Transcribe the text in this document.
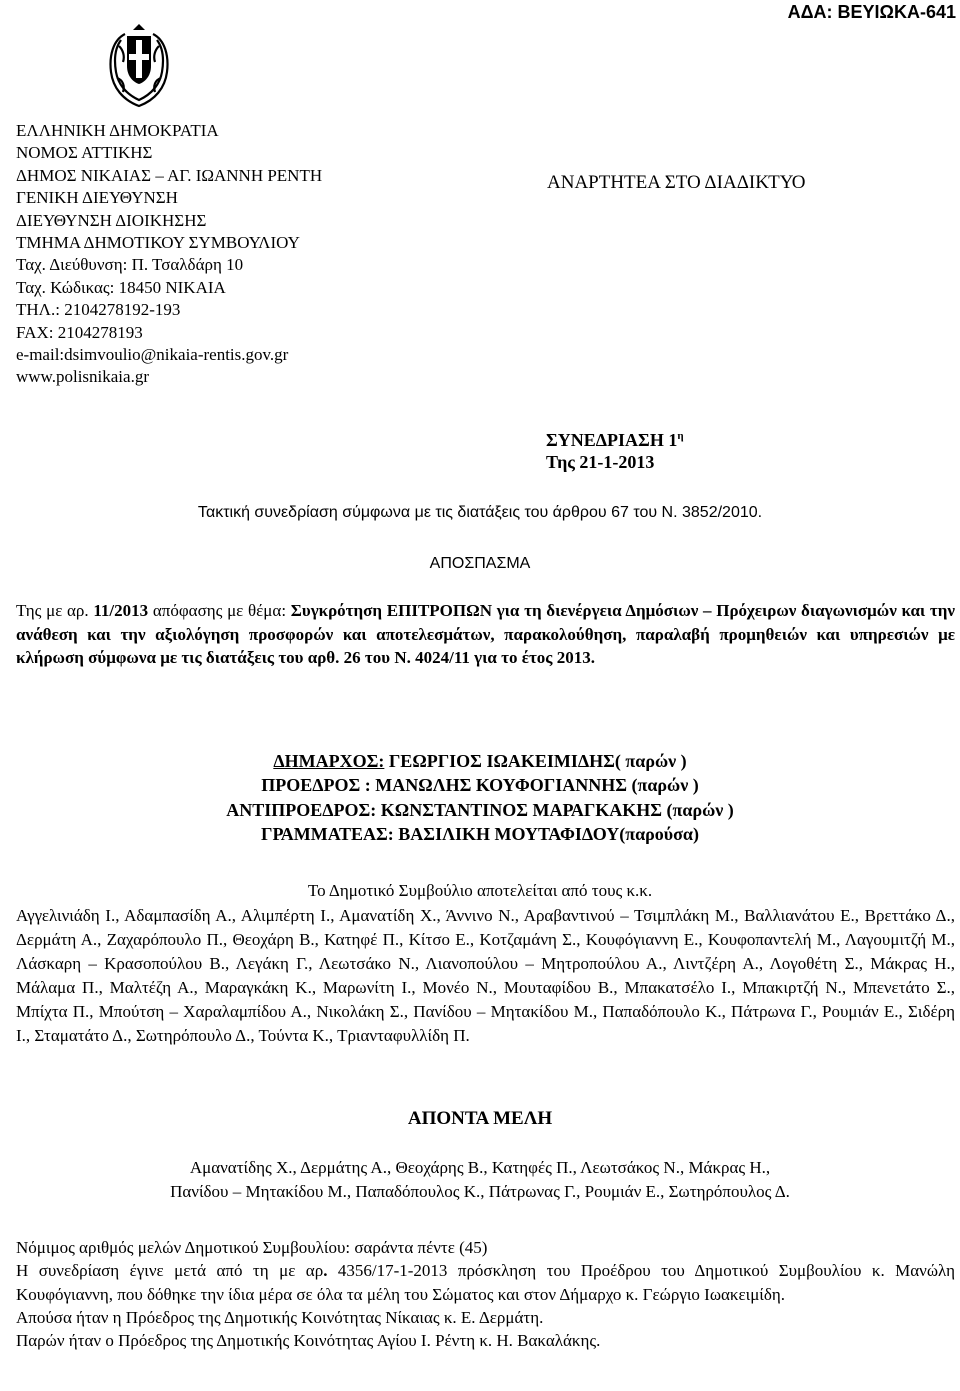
ΑΔΑ: ΒΕΥΙΩΚΑ-641
ΕΛΛΗΝΙΚΗ ΔΗΜΟΚΡΑΤΙΑ
ΝΟΜΟΣ ΑΤΤΙΚΗΣ
ΔΗΜΟΣ ΝΙΚΑΙΑΣ – ΑΓ. ΙΩΑΝΝΗ ΡΕΝΤΗ
ΓΕΝΙΚΗ ΔΙΕΥΘΥΝΣΗ
ΔΙΕΥΘΥΝΣΗ ΔΙΟΙΚΗΣΗΣ
ΤΜΗΜΑ ΔΗΜΟΤΙΚΟΥ ΣΥΜΒΟΥΛΙΟΥ
Ταχ. Διεύθυνση: Π. Τσαλδάρη 10
Ταχ. Κώδικας: 18450 ΝΙΚΑΙΑ
ΤΗΛ.: 2104278192-193
FAX: 2104278193
e-mail:dsimvoulio@nikaia-rentis.gov.gr
www.polisnikaia.gr
ΑΝΑΡΤΗΤΕΑ ΣΤΟ ΔΙΑΔΙΚΤΥΟ
ΣΥΝΕΔΡΙΑΣΗ $1^\eta$
Της 21-1-2013
Τακτική συνεδρίαση σύμφωνα με τις διατάξεις του άρθρου 67 του Ν. 3852/2010.
ΑΠΟΣΠΑΣΜΑ
Της με αρ. 11/2013 απόφασης με θέμα: Συγκρότηση ΕΠΙΤΡΟΠΩΝ για τη διενέργεια Δημόσιων – Πρόχειρων διαγωνισμών και την ανάθεση και την αξιολόγηση προσφορών και αποτελεσμάτων, παρακολούθηση, παραλαβή προμηθειών και υπηρεσιών με κλήρωση σύμφωνα με τις διατάξεις του αρθ. 26 του Ν. 4024/11 για το έτος 2013.
ΔΗΜΑΡΧΟΣ: ΓΕΩΡΓΙΟΣ ΙΩΑΚΕΙΜΙΔΗΣ( παρών )
ΠΡΟΕΔΡΟΣ : ΜΑΝΩΛΗΣ ΚΟΥΦΟΓΙΑΝΝΗΣ (παρών )
ΑΝΤΙΠΡΟΕΔΡΟΣ: ΚΩΝΣΤΑΝΤΙΝΟΣ ΜΑΡΑΓΚΑΚΗΣ (παρών )
ΓΡΑΜΜΑΤΕΑΣ: ΒΑΣΙΛΙΚΗ ΜΟΥΤΑΦΙΔΟΥ(παρούσα)
Το Δημοτικό Συμβούλιο αποτελείται από τους κ.κ.
Αγγελινιάδη Ι., Αδαμπασίδη Α., Αλιμπέρτη Ι., Αμανατίδη Χ., Άννινο Ν., Αραβαντινού – Τσιμπλάκη Μ., Βαλλιανάτου Ε., Βρεττάκο Δ., Δερμάτη Α., Ζαχαρόπουλο Π., Θεοχάρη Β., Κατηφέ Π., Κίτσο Ε., Κοτζαμάνη Σ., Κουφόγιαννη Ε., Κουφοπαντελή Μ., Λαγουμιτζή Μ., Λάσκαρη – Κρασοπούλου Β., Λεγάκη Γ., Λεωτσάκο Ν., Λιανοπούλου – Μητροπούλου Α., Λιντζέρη Α., Λογοθέτη Σ., Μάκρας Η., Μάλαμα Π., Μαλτέζη Α., Μαραγκάκη Κ., Μαρωνίτη Ι., Μονέο Ν., Μουταφίδου Β., Μπακατσέλο Ι., Μπακιρτζή Ν., Μπενετάτο Σ., Μπίχτα Π., Μπούτση – Χαραλαμπίδου Α., Νικολάκη Σ., Πανίδου – Μητακίδου Μ., Παπαδόπουλο Κ., Πάτρωνα Γ., Ρουμιάν Ε., Σιδέρη Ι., Σταματάτο Δ., Σωτηρόπουλο Δ., Τούντα Κ., Τριανταφυλλίδη Π.
ΑΠΟΝΤΑ ΜΕΛΗ
Αμανατίδης Χ., Δερμάτης Α., Θεοχάρης Β., Κατηφές Π., Λεωτσάκος Ν., Μάκρας Η.,
Πανίδου – Μητακίδου Μ., Παπαδόπουλος Κ., Πάτρωνας Γ., Ρουμιάν Ε., Σωτηρόπουλος Δ.
Νόμιμος αριθμός μελών Δημοτικού Συμβουλίου: σαράντα πέντε (45)
Η συνεδρίαση έγινε μετά από τη με αρ. 4356/17-1-2013 πρόσκληση του Προέδρου του Δημοτικού Συμβουλίου κ. Μανώλη Κουφόγιαννη, που δόθηκε την ίδια μέρα σε όλα τα μέλη του Σώματος και στον Δήμαρχο κ. Γεώργιο Ιωακειμίδη.
Απούσα ήταν η Πρόεδρος της Δημοτικής Κοινότητας Νίκαιας κ. Ε. Δερμάτη.
Παρών ήταν ο Πρόεδρος της Δημοτικής Κοινότητας Αγίου Ι. Ρέντη κ. Η. Βακαλάκης.
